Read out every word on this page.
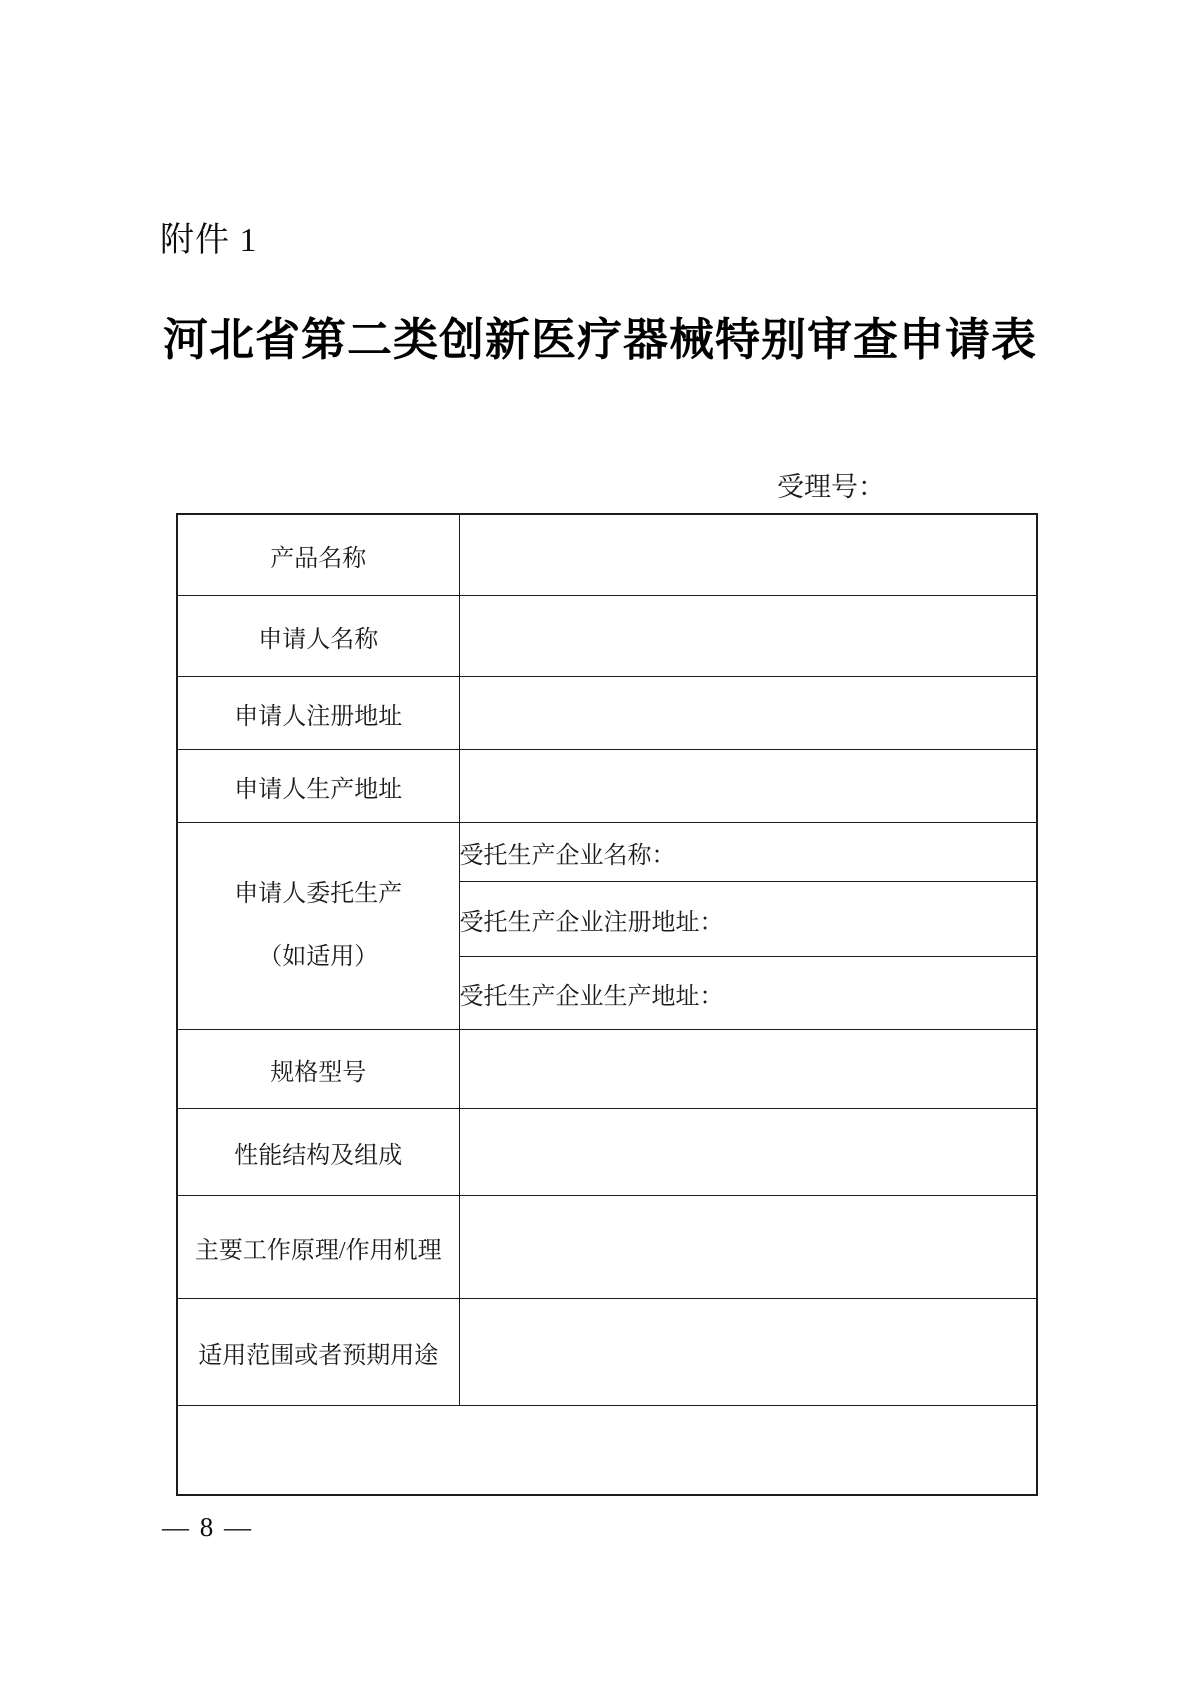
附件 1
河北省第二类创新医疗器械特别审查申请表
受理号：
产品名称	
申请人名称	
申请人注册地址	
申请人生产地址	

申请人委托生产
（如适用）	受托生产企业名称：
	受托生产企业注册地址：
	受托生产企业生产地址：
规格型号	
性能结构及组成	
主要工作原理/作用机理	
适用范围或者预期用途	

— 8 —
